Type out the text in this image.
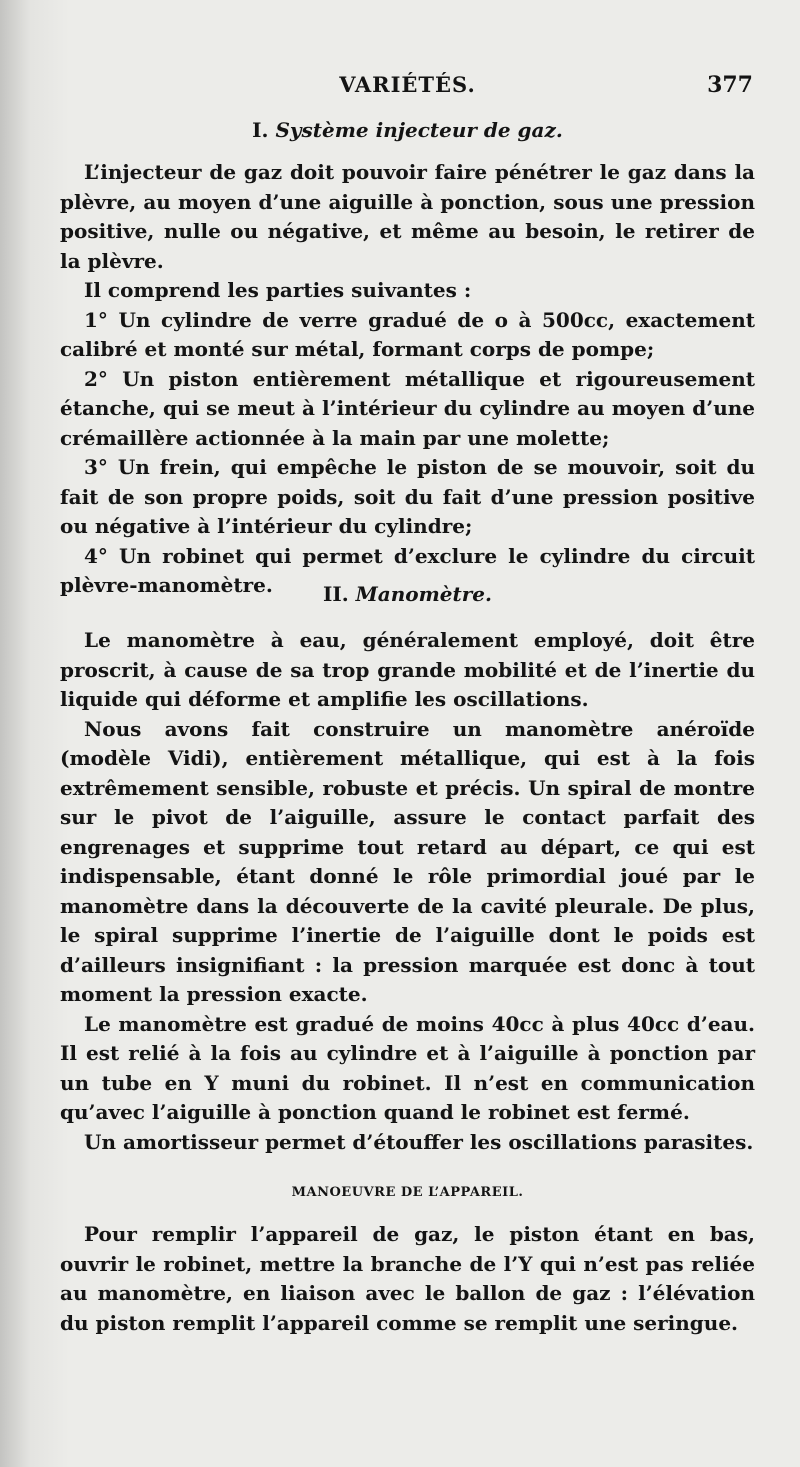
VARIÉTÉS.	377
I. Système injecteur de gaz.

L’injecteur de gaz doit pouvoir faire pénétrer le gaz dans la plèvre, au moyen d’une aiguille à ponction, sous une pression positive, nulle ou négative, et même au besoin, le retirer de la plèvre.

Il comprend les parties suivantes :

1° Un cylindre de verre gradué de o à 500cc, exactement calibré et monté sur métal, formant corps de pompe;

2° Un piston entièrement métallique et rigoureusement étanche, qui se meut à l’intérieur du cylindre au moyen d’une crémaillère actionnée à la main par une molette;

3° Un frein, qui empêche le piston de se mouvoir, soit du fait de son propre poids, soit du fait d’une pression positive ou négative à l’intérieur du cylindre;

4° Un robinet qui permet d’exclure le cylindre du circuit plèvre-manomètre.	II. Manomètre.

Le manomètre à eau, généralement employé, doit être proscrit, à cause de sa trop grande mobilité et de l’inertie du liquide qui déforme et amplifie les oscillations.

Nous avons fait construire un manomètre anéroïde (modèle Vidi), entièrement métallique, qui est à la fois extrêmement sensible, robuste et précis. Un spiral de montre sur le pivot de l’aiguille, assure le contact parfait des engrenages et supprime tout retard au départ, ce qui est indispensable, étant donné le rôle primordial joué par le manomètre dans la découverte de la cavité pleurale. De plus, le spiral supprime l’inertie de l’aiguille dont le poids est d’ailleurs insignifiant : la pression marquée est donc à tout moment la pression exacte.

Le manomètre est gradué de moins 40cc à plus 40cc d’eau. Il est relié à la fois au cylindre et à l’aiguille à ponction par un tube en Y muni du robinet. Il n’est en communication qu’avec l’aiguille à ponction quand le robinet est fermé.

Un amortisseur permet d’étouffer les oscillations parasites.

MANOEUVRE DE L’APPAREIL.

Pour remplir l’appareil de gaz, le piston étant en bas, ouvrir le robinet, mettre la branche de l’Y qui n’est pas reliée au manomètre, en liaison avec le ballon de gaz : l’élévation du piston remplit l’appareil comme se remplit une seringue.
